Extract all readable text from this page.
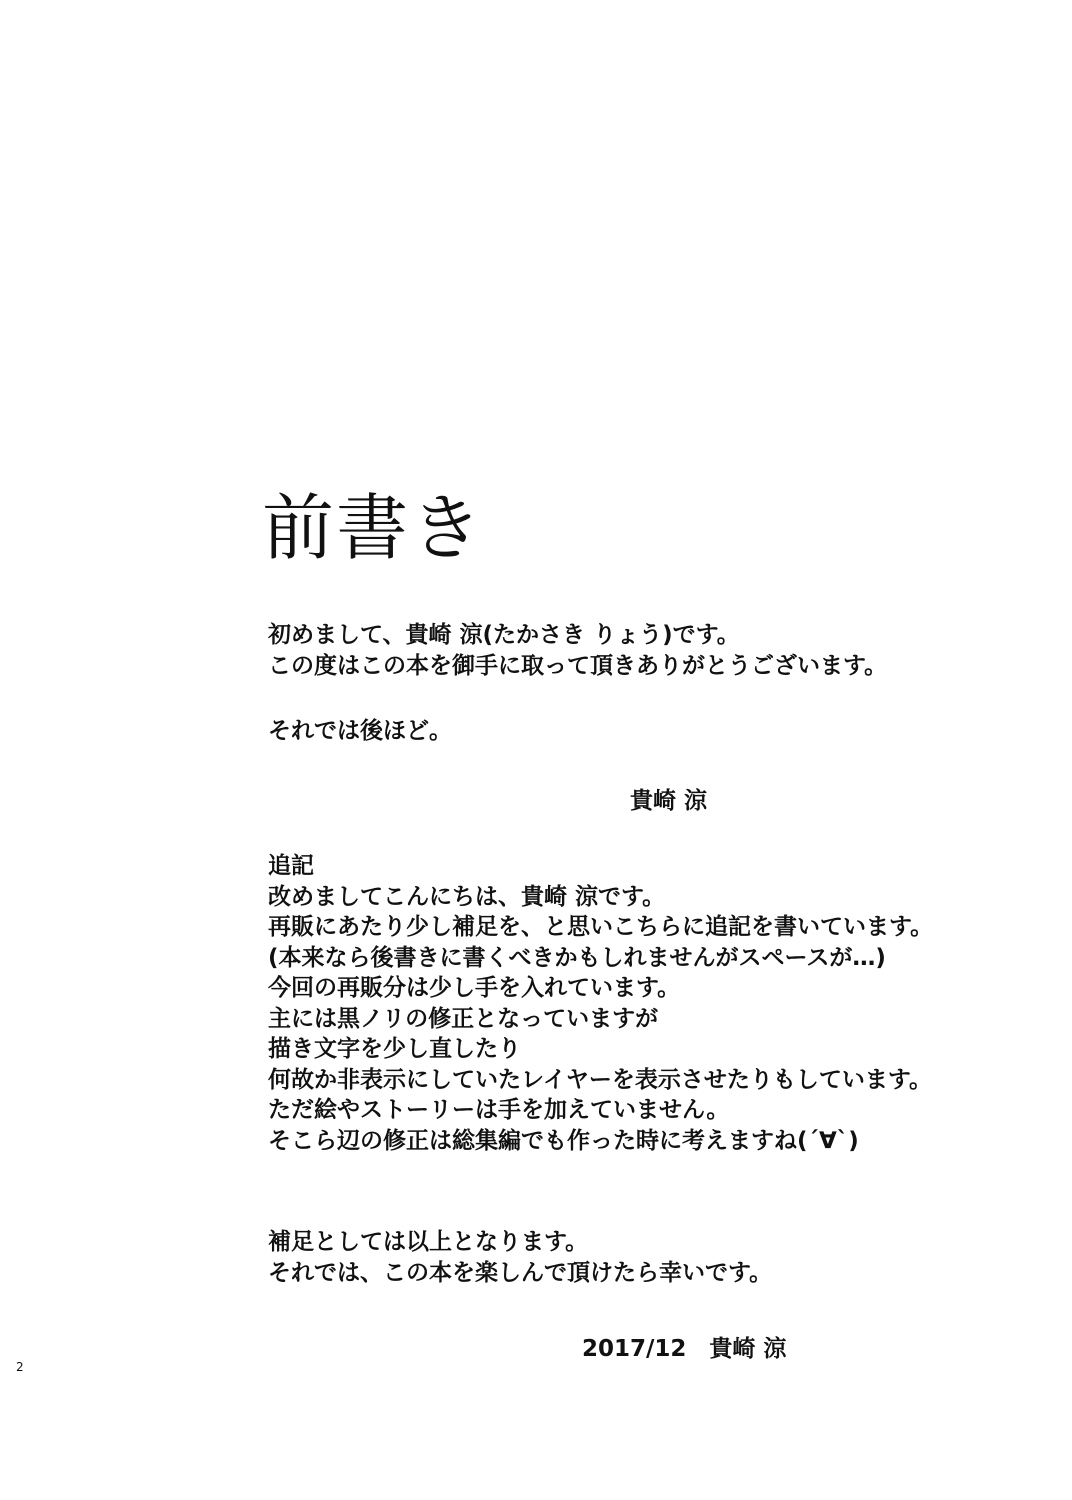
前書き
初めまして、貴崎 涼(たかさき りょう)です。
この度はこの本を御手に取って頂きありがとうございます。
それでは後ほど。
貴崎 涼
追記
改めましてこんにちは、貴崎 涼です。
再販にあたり少し補足を、と思いこちらに追記を書いています。
(本来なら後書きに書くべきかもしれませんがスペースが…)
今回の再販分は少し手を入れています。
主には黒ノリの修正となっていますが
描き文字を少し直したり
何故か非表示にしていたレイヤーを表示させたりもしています。
ただ絵やストーリーは手を加えていません。
そこら辺の修正は総集編でも作った時に考えますね(´∀`)
補足としては以上となります。
それでは、この本を楽しんで頂けたら幸いです。
2017/12　貴崎 涼
2
